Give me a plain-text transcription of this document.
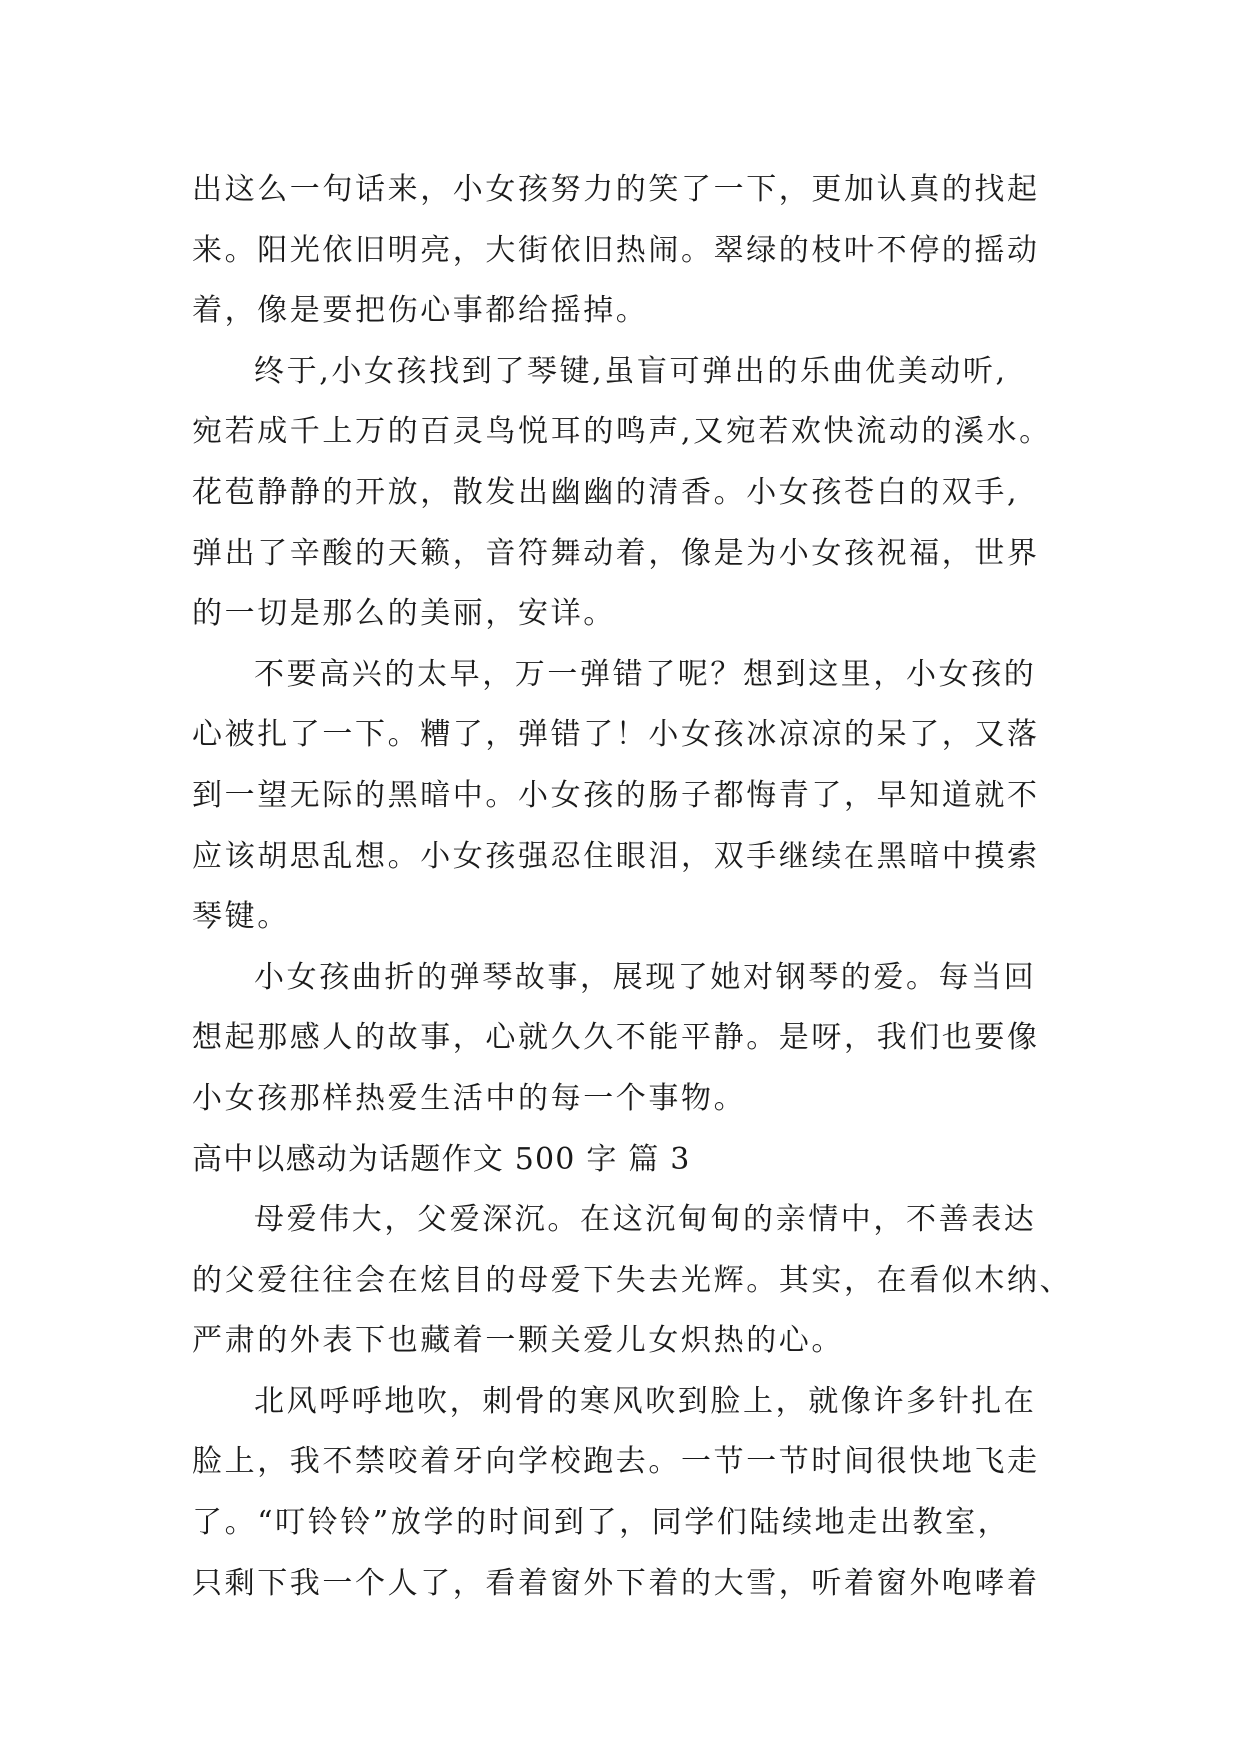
出这么一句话来，小女孩努力的笑了一下，更加认真的找起
来。阳光依旧明亮，大街依旧热闹。翠绿的枝叶不停的摇动
着，像是要把伤心事都给摇掉。
终于,小女孩找到了琴键,虽盲可弹出的乐曲优美动听,
宛若成千上万的百灵鸟悦耳的鸣声,又宛若欢快流动的溪水。
花苞静静的开放，散发出幽幽的清香。小女孩苍白的双手,
弹出了辛酸的天籁，音符舞动着，像是为小女孩祝福，世界
的一切是那么的美丽，安详。
不要高兴的太早，万一弹错了呢？想到这里，小女孩的
心被扎了一下。糟了，弹错了！小女孩冰凉凉的呆了，又落
到一望无际的黑暗中。小女孩的肠子都悔青了，早知道就不
应该胡思乱想。小女孩强忍住眼泪，双手继续在黑暗中摸索
琴键。
小女孩曲折的弹琴故事，展现了她对钢琴的爱。每当回
想起那感人的故事，心就久久不能平静。是呀，我们也要像
小女孩那样热爱生活中的每一个事物。
高中以感动为话题作文 500 字 篇 3
母爱伟大，父爱深沉。在这沉甸甸的亲情中，不善表达
的父爱往往会在炫目的母爱下失去光辉。其实，在看似木纳、
严肃的外表下也藏着一颗关爱儿女炽热的心。
北风呼呼地吹，刺骨的寒风吹到脸上，就像许多针扎在
脸上，我不禁咬着牙向学校跑去。一节一节时间很快地飞走
了。“叮铃铃”放学的时间到了，同学们陆续地走出教室，
只剩下我一个人了，看着窗外下着的大雪，听着窗外咆哮着
